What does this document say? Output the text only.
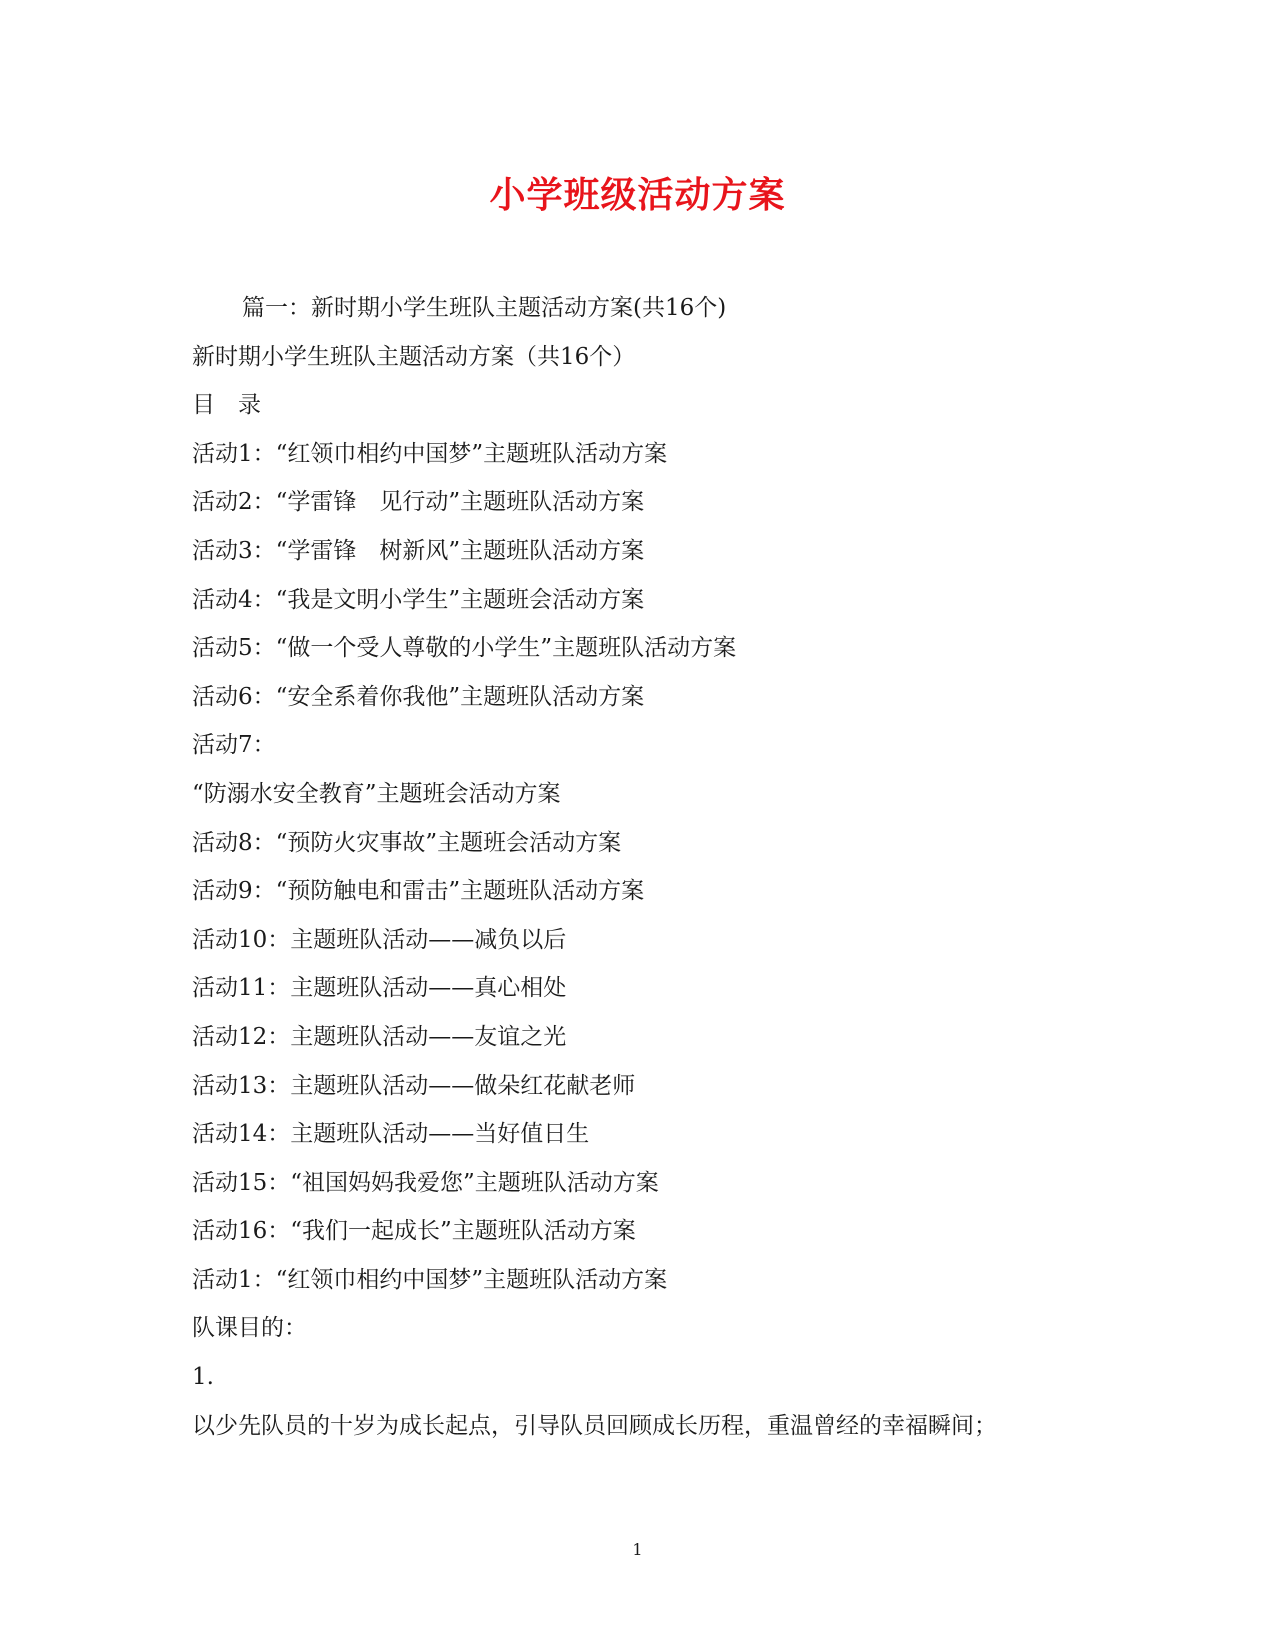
小学班级活动方案

篇一：新时期小学生班队主题活动方案(共16个)

新时期小学生班队主题活动方案（共16个）

目　录

活动1：“红领巾相约中国梦”主题班队活动方案

活动2：“学雷锋　见行动”主题班队活动方案

活动3：“学雷锋　树新风”主题班队活动方案

活动4：“我是文明小学生”主题班会活动方案

活动5：“做一个受人尊敬的小学生”主题班队活动方案

活动6：“安全系着你我他”主题班队活动方案

活动7：

“防溺水安全教育”主题班会活动方案

活动8：“预防火灾事故”主题班会活动方案

活动9：“预防触电和雷击”主题班队活动方案

活动10：主题班队活动——减负以后

活动11：主题班队活动——真心相处

活动12：主题班队活动——友谊之光

活动13：主题班队活动——做朵红花献老师

活动14：主题班队活动——当好值日生

活动15：“祖国妈妈我爱您”主题班队活动方案

活动16：“我们一起成长”主题班队活动方案

活动1：“红领巾相约中国梦”主题班队活动方案

队课目的：

1.

以少先队员的十岁为成长起点，引导队员回顾成长历程，重温曾经的幸福瞬间；

1
